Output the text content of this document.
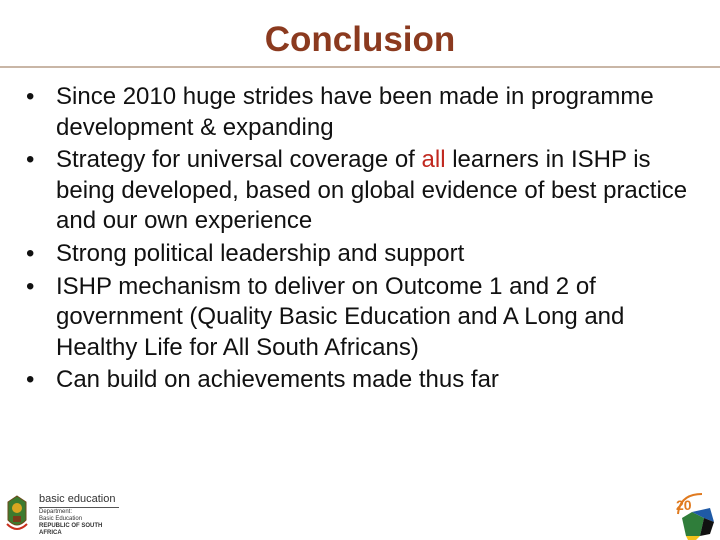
Conclusion
• Since 2010 huge strides have been made in programme development & expanding
• Strategy for universal coverage of all learners in ISHP is being developed, based on global evidence of best practice and our own experience
• Strong political leadership and support
• ISHP mechanism to deliver on Outcome 1 and 2 of government (Quality Basic Education and A Long and Healthy Life for All South Africans)
• Can build on achievements made thus far
basic education
Department:
Basic Education
REPUBLIC OF SOUTH AFRICA
20
